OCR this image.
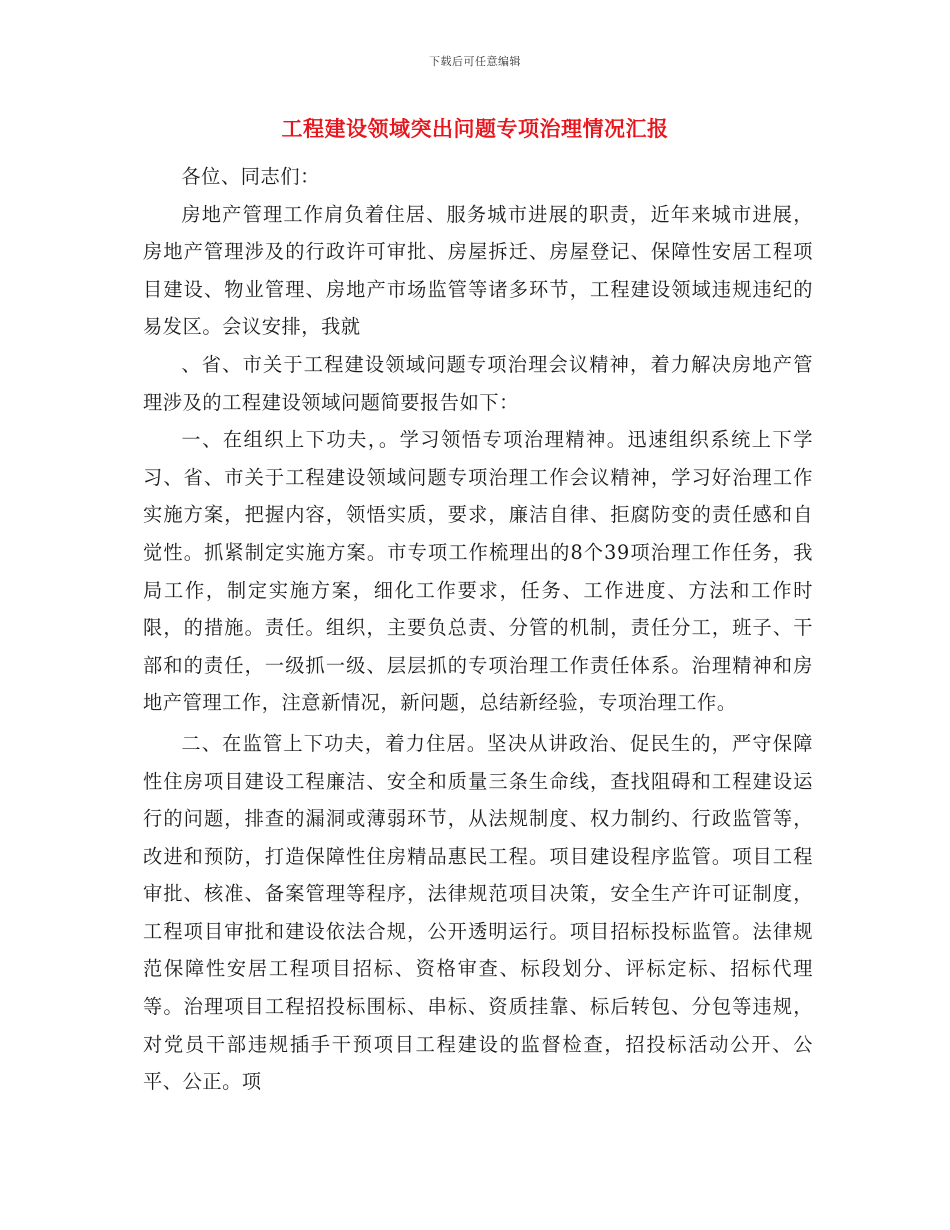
下载后可任意编辑
工程建设领域突出问题专项治理情况汇报

各位、同志们：

房地产管理工作肩负着住居、服务城市进展的职责，近年来城市进展，房地产管理涉及的行政许可审批、房屋拆迁、房屋登记、保障性安居工程项目建设、物业管理、房地产市场监管等诸多环节，工程建设领域违规违纪的易发区。会议安排，我就

、省、市关于工程建设领域问题专项治理会议精神，着力解决房地产管理涉及的工程建设领域问题简要报告如下：

一、在组织上下功夫，。学习领悟专项治理精神。迅速组织系统上下学习、省、市关于工程建设领域问题专项治理工作会议精神，学习好治理工作实施方案，把握内容，领悟实质，要求，廉洁自律、拒腐防变的责任感和自觉性。抓紧制定实施方案。市专项工作梳理出的8个39项治理工作任务，我局工作，制定实施方案，细化工作要求，任务、工作进度、方法和工作时限，的措施。责任。组织，主要负总责、分管的机制，责任分工，班子、干部和的责任，一级抓一级、层层抓的专项治理工作责任体系。治理精神和房地产管理工作，注意新情况，新问题，总结新经验，专项治理工作。

二、在监管上下功夫，着力住居。坚决从讲政治、促民生的，严守保障性住房项目建设工程廉洁、安全和质量三条生命线，查找阻碍和工程建设运行的问题，排查的漏洞或薄弱环节，从法规制度、权力制约、行政监管等，改进和预防，打造保障性住房精品惠民工程。项目建设程序监管。项目工程审批、核准、备案管理等程序，法律规范项目决策，安全生产许可证制度，工程项目审批和建设依法合规，公开透明运行。项目招标投标监管。法律规范保障性安居工程项目招标、资格审查、标段划分、评标定标、招标代理等。治理项目工程招投标围标、串标、资质挂靠、标后转包、分包等违规，对党员干部违规插手干预项目工程建设的监督检查，招投标活动公开、公平、公正。项
